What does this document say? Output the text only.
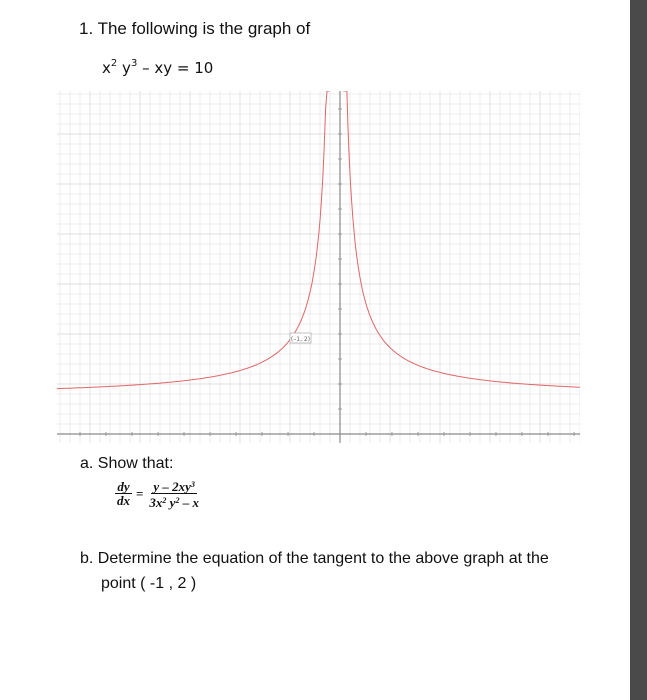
1. The following is the graph of
$x^2$ $y^3$ – xy = 10
(–1, 2)
a. Show that:
$\frac{dy}{dx} = \frac{y - 2xy^3}{3x^2 y^2 - x}$
b. Determine the equation of the tangent to the above graph at the
point ( -1 , 2 )
